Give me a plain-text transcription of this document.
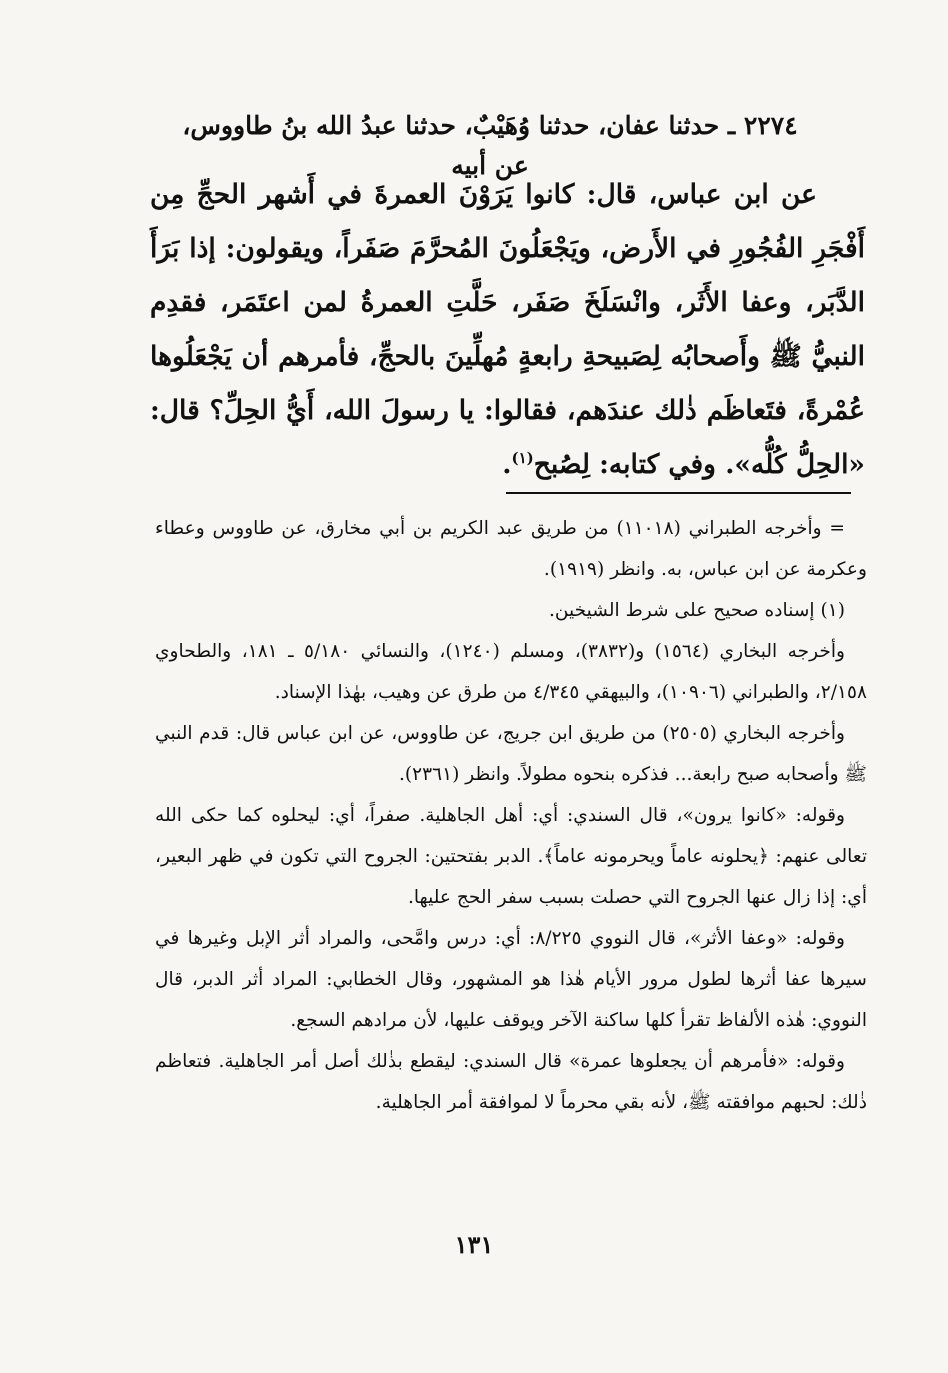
٢٢٧٤ ـ حدثنا عفان، حدثنا وُهَيْبٌ، حدثنا عبدُ الله بنُ طاووس، عن أبيه

عن ابن عباس، قال: كانوا يَرَوْنَ العمرةَ في أَشهر الحجِّ مِن أَفْجَرِ الفُجُورِ في الأَرض، ويَجْعَلُونَ المُحرَّمَ صَفَراً، ويقولون: إذا بَرَأَ الدَّبَر، وعفا الأَثَر، وانْسَلَخَ صَفَر، حَلَّتِ العمرةُ لمن اعتَمَر، فقدِم النبيُّ ﷺ وأَصحابُه لِصَبيحةِ رابعةٍ مُهلِّينَ بالحجِّ، فأمرهم أن يَجْعَلُوها عُمْرةً، فتَعاظَم ذٰلك عندَهم، فقالوا: يا رسولَ الله، أَيُّ الحِلِّ؟ قال: «الحِلُّ كُلُّه». وفي كتابه: لِصُبح$^{(١)}$.

= وأخرجه الطبراني (١١٠١٨) من طريق عبد الكريم بن أبي مخارق، عن طاووس وعطاء وعكرمة عن ابن عباس، به. وانظر (١٩١٩).

(١) إسناده صحيح على شرط الشيخين.

وأخرجه البخاري (١٥٦٤) و(٣٨٣٢)، ومسلم (١٢٤٠)، والنسائي ٥/١٨٠ ـ ١٨١، والطحاوي ٢/١٥٨، والطبراني (١٠٩٠٦)، والبيهقي ٤/٣٤٥ من طرق عن وهيب، بهٰذا الإسناد.

وأخرجه البخاري (٢٥٠٥) من طريق ابن جريج، عن طاووس، عن ابن عباس قال: قدم النبي ﷺ وأصحابه صبح رابعة... فذكره بنحوه مطولاً. وانظر (٢٣٦١).

وقوله: «كانوا يرون»، قال السندي: أي: أهل الجاهلية. صفراً، أي: ليحلوه كما حكى الله تعالى عنهم: ﴿يحلونه عاماً ويحرمونه عاماً﴾. الدبر بفتحتين: الجروح التي تكون في ظهر البعير، أي: إذا زال عنها الجروح التي حصلت بسبب سفر الحج عليها.

وقوله: «وعفا الأثر»، قال النووي ٨/٢٢٥: أي: درس وامَّحى، والمراد أثر الإبل وغيرها في سيرها عفا أثرها لطول مرور الأيام هٰذا هو المشهور، وقال الخطابي: المراد أثر الدبر، قال النووي: هٰذه الألفاظ تقرأ كلها ساكنة الآخر ويوقف عليها، لأن مرادهم السجع.

وقوله: «فأمرهم أن يجعلوها عمرة» قال السندي: ليقطع بذٰلك أصل أمر الجاهلية. فتعاظم ذٰلك: لحبهم موافقته ﷺ، لأنه بقي محرماً لا لموافقة أمر الجاهلية.

١٣١
